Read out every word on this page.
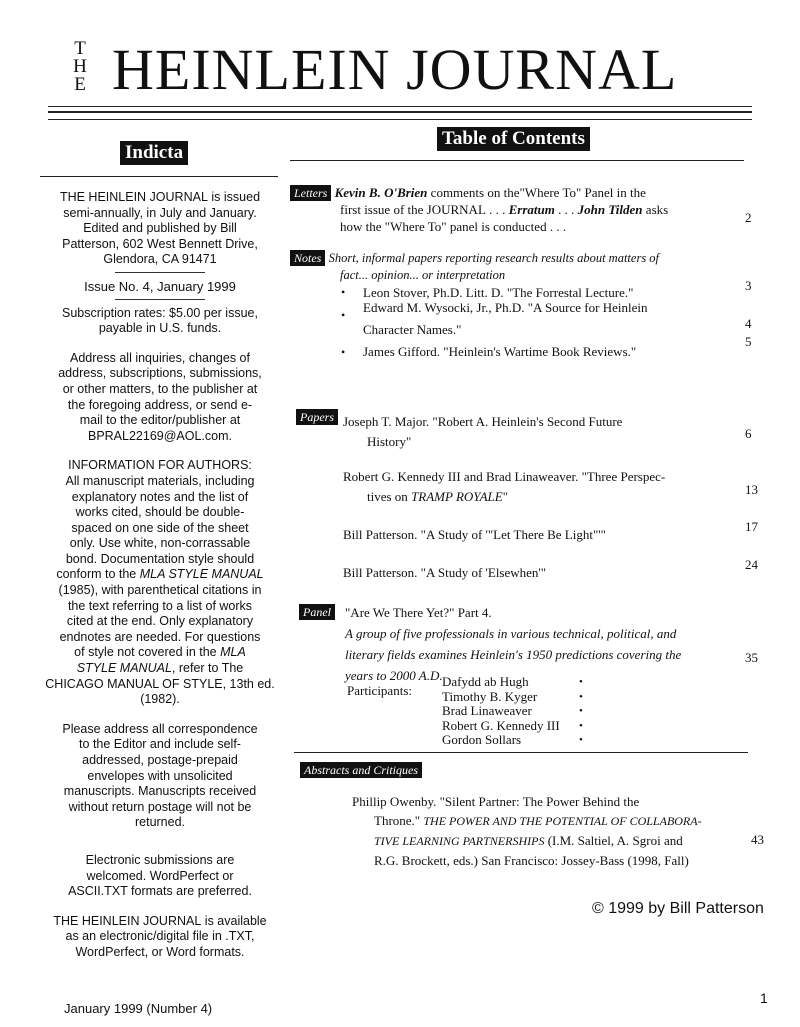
T
H
E HEINLEIN JOURNAL
Indicta

THE HEINLEIN JOURNAL is issued
semi-annually, in July and January.
Edited and published by Bill
Patterson, 602 West Bennett Drive,
Glendora, CA 91471

Issue No. 4, January 1999

Subscription rates: $5.00 per issue,
payable in U.S. funds.

Address all inquiries, changes of
address, subscriptions, submissions,
or other matters, to the publisher at
the foregoing address, or send e-
mail to the editor/publisher at
BPRAL22169@AOL.com.

INFORMATION FOR AUTHORS:
All manuscript materials, including
explanatory notes and the list of
works cited, should be double-
spaced on one side of the sheet
only. Use white, non-corrassable
bond. Documentation style should
conform to the MLA STYLE MANUAL
(1985), with parenthetical citations in
the text referring to a list of works
cited at the end. Only explanatory
endnotes are needed. For questions
of style not covered in the MLA
STYLE MANUAL, refer to The
CHICAGO MANUAL OF STYLE, 13th ed.
(1982).

Please address all correspondence
to the Editor and include self-
addressed, postage-prepaid
envelopes with unsolicited
manuscripts. Manuscripts received
without return postage will not be
returned.

Electronic submissions are
welcomed. WordPerfect or
ASCII.TXT formats are preferred.

THE HEINLEIN JOURNAL is available
as an electronic/digital file in .TXT,
WordPerfect, or Word formats.

Table of Contents
Letters Kevin B. O'Brien comments on the"Where To" Panel in the
first issue of the JOURNAL . . . Erratum . . . John Tilden asks
how the "Where To" panel is conducted . . .
2
Notes Short, informal papers reporting research results about matters of
fact... opinion... or interpretation
• Leon Stover, Ph.D. Litt. D. "The Forrestal Lecture."	3
• Edward M. Wysocki, Jr., Ph.D. "A Source for Heinlein
Character Names."	4
• James Gifford. "Heinlein's Wartime Book Reviews."
5
Papers Joseph T. Major. "Robert A. Heinlein's Second Future
History"
6
Robert G. Kennedy III and Brad Linaweaver. "Three Perspec-
tives on TRAMP ROYALE"	13
Bill Patterson. "A Study of '"Let There Be Light"'"
17
Bill Patterson. "A Study of 'Elsewhen'"
24
Panel	"Are We There Yet?" Part 4.
A group of five professionals in various technical, political, and
literary fields examines Heinlein's 1950 predictions covering the
years to 2000 A.D.
35
Participants:
Dafydd ab Hugh
Timothy B. Kyger
Brad Linaweaver
Robert G. Kennedy III
Gordon Sollars
•
•
•
•
•
Abstracts and Critiques
Phillip Owenby. "Silent Partner: The Power Behind the
Throne." THE POWER AND THE POTENTIAL OF COLLABORA-
TIVE LEARNING PARTNERSHIPS (I.M. Saltiel, A. Sgroi and
R.G. Brockett, eds.) San Francisco: Jossey-Bass (1998, Fall)
43
© 1999 by Bill Patterson
January 1999 (Number 4)
1
